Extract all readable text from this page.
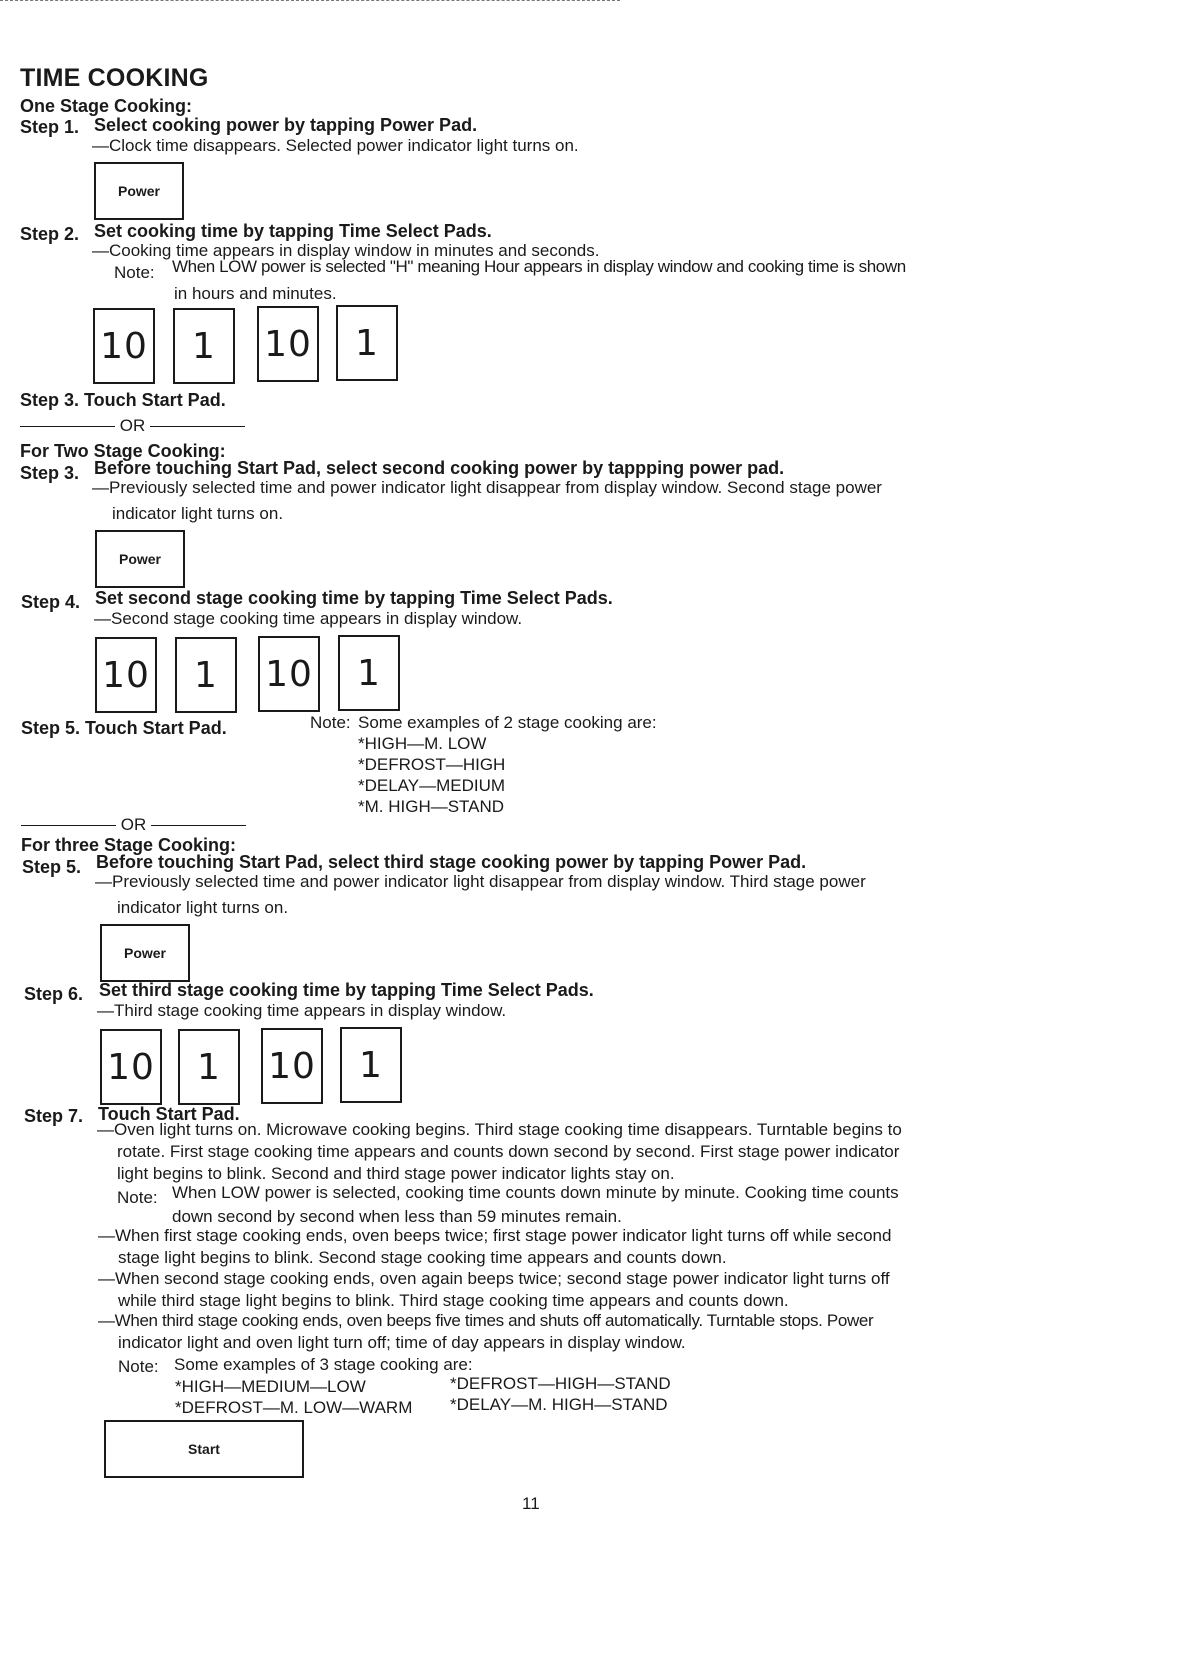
TIME COOKING
One Stage Cooking:
Step 1. Select cooking power by tapping Power Pad.
—Clock time disappears. Selected power indicator light turns on.
Power
Step 2. Set cooking time by tapping Time Select Pads.
—Cooking time appears in display window in minutes and seconds.
Note: When LOW power is selected "H" meaning Hour appears in display window and cooking time is shown
in hours and minutes.
10	1	10	1
Step 3. Touch Start Pad.
OR
For Two Stage Cooking:
Step 3. Before touching Start Pad, select second cooking power by tappping power pad.
—Previously selected time and power indicator light disappear from display window. Second stage power
indicator light turns on.
Power
Step 4. Set second stage cooking time by tapping Time Select Pads.
—Second stage cooking time appears in display window.
10	1	10	1
Step 5. Touch Start Pad.	Note: Some examples of 2 stage cooking are:
*HIGH—M. LOW
*DEFROST—HIGH
*DELAY—MEDIUM
*M. HIGH—STAND
OR
For three Stage Cooking:
Step 5. Before touching Start Pad, select third stage cooking power by tapping Power Pad.
—Previously selected time and power indicator light disappear from display window. Third stage power
indicator light turns on.
Power
Step 6. Set third stage cooking time by tapping Time Select Pads.
—Third stage cooking time appears in display window.
10	1	10	1
Step 7. Touch Start Pad.
—Oven light turns on. Microwave cooking begins. Third stage cooking time disappears. Turntable begins to
rotate. First stage cooking time appears and counts down second by second. First stage power indicator
light begins to blink. Second and third stage power indicator lights stay on.
Note: When LOW power is selected, cooking time counts down minute by minute. Cooking time counts
down second by second when less than 59 minutes remain.
—When first stage cooking ends, oven beeps twice; first stage power indicator light turns off while second
stage light begins to blink. Second stage cooking time appears and counts down.
—When second stage cooking ends, oven again beeps twice; second stage power indicator light turns off
while third stage light begins to blink. Third stage cooking time appears and counts down.
—When third stage cooking ends, oven beeps five times and shuts off automatically. Turntable stops. Power
indicator light and oven light turn off; time of day appears in display window.
Note: Some examples of 3 stage cooking are:
*HIGH—MEDIUM—LOW	*DEFROST—HIGH—STAND
*DEFROST—M. LOW—WARM *DELAY—M. HIGH—STAND
Start
11
